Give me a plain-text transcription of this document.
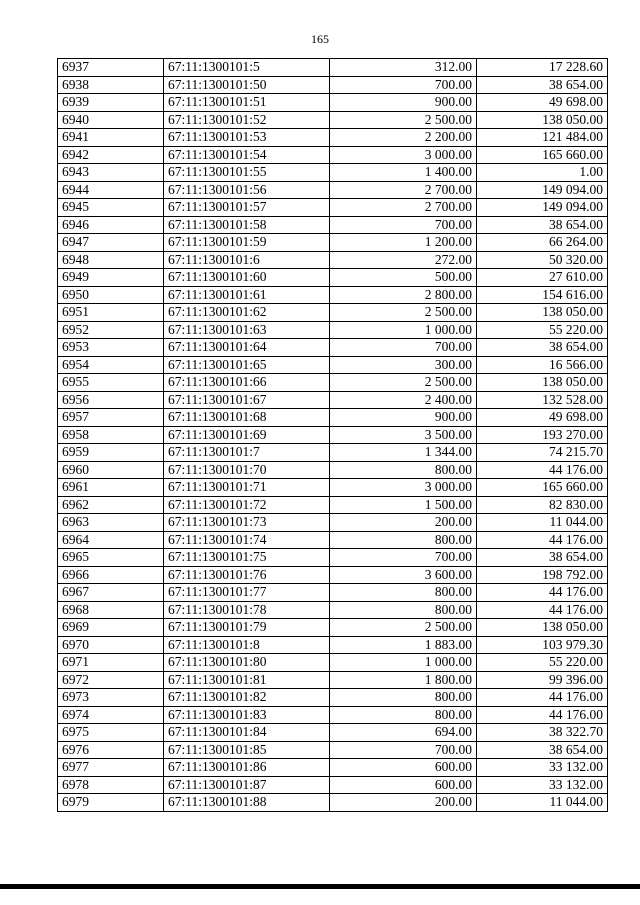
165
6937	67:11:1300101:5	312.00	17 228.60
6938	67:11:1300101:50	700.00	38 654.00
6939	67:11:1300101:51	900.00	49 698.00
6940	67:11:1300101:52	2 500.00	138 050.00
6941	67:11:1300101:53	2 200.00	121 484.00
6942	67:11:1300101:54	3 000.00	165 660.00
6943	67:11:1300101:55	1 400.00	1.00
6944	67:11:1300101:56	2 700.00	149 094.00
6945	67:11:1300101:57	2 700.00	149 094.00
6946	67:11:1300101:58	700.00	38 654.00
6947	67:11:1300101:59	1 200.00	66 264.00
6948	67:11:1300101:6	272.00	50 320.00
6949	67:11:1300101:60	500.00	27 610.00
6950	67:11:1300101:61	2 800.00	154 616.00
6951	67:11:1300101:62	2 500.00	138 050.00
6952	67:11:1300101:63	1 000.00	55 220.00
6953	67:11:1300101:64	700.00	38 654.00
6954	67:11:1300101:65	300.00	16 566.00
6955	67:11:1300101:66	2 500.00	138 050.00
6956	67:11:1300101:67	2 400.00	132 528.00
6957	67:11:1300101:68	900.00	49 698.00
6958	67:11:1300101:69	3 500.00	193 270.00
6959	67:11:1300101:7	1 344.00	74 215.70
6960	67:11:1300101:70	800.00	44 176.00
6961	67:11:1300101:71	3 000.00	165 660.00
6962	67:11:1300101:72	1 500.00	82 830.00
6963	67:11:1300101:73	200.00	11 044.00
6964	67:11:1300101:74	800.00	44 176.00
6965	67:11:1300101:75	700.00	38 654.00
6966	67:11:1300101:76	3 600.00	198 792.00
6967	67:11:1300101:77	800.00	44 176.00
6968	67:11:1300101:78	800.00	44 176.00
6969	67:11:1300101:79	2 500.00	138 050.00
6970	67:11:1300101:8	1 883.00	103 979.30
6971	67:11:1300101:80	1 000.00	55 220.00
6972	67:11:1300101:81	1 800.00	99 396.00
6973	67:11:1300101:82	800.00	44 176.00
6974	67:11:1300101:83	800.00	44 176.00
6975	67:11:1300101:84	694.00	38 322.70
6976	67:11:1300101:85	700.00	38 654.00
6977	67:11:1300101:86	600.00	33 132.00
6978	67:11:1300101:87	600.00	33 132.00
6979	67:11:1300101:88	200.00	11 044.00
